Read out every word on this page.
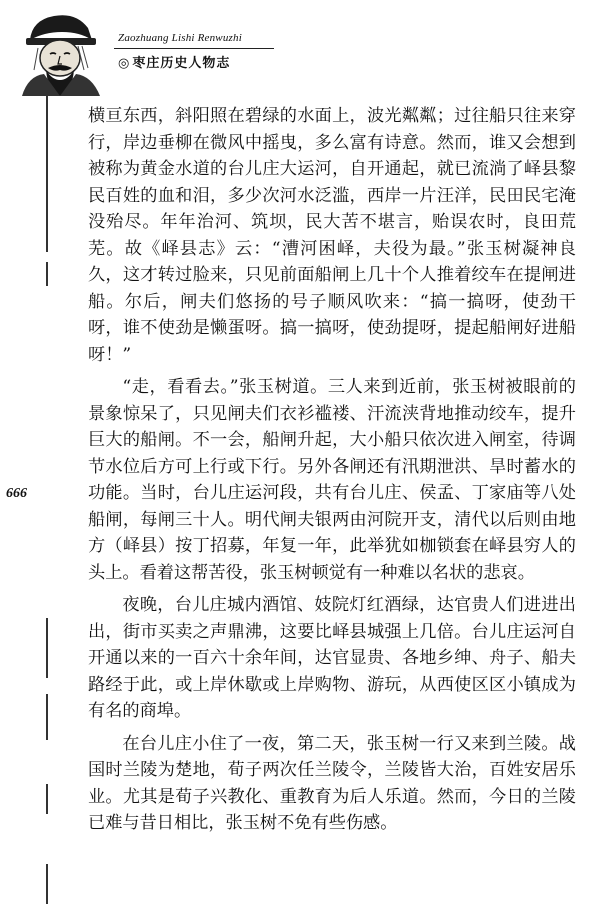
Zaozhuang Lishi Renwuzhi
◎ 枣庄历史人物志
666

横亘东西，斜阳照在碧绿的水面上，波光粼粼；过往船只往来穿行，岸边垂柳在微风中摇曳，多么富有诗意。然而，谁又会想到被称为黄金水道的台儿庄大运河，自开通起，就已流淌了峄县黎民百姓的血和泪，多少次河水泛滥，西岸一片汪洋，民田民宅淹没殆尽。年年治河、筑坝，民大苦不堪言，贻误农时，良田荒芜。故《峄县志》云：“漕河困峄，夫役为最。”张玉树凝神良久，这才转过脸来，只见前面船闸上几十个人推着绞车在提闸进船。尔后，闸夫们悠扬的号子顺风吹来：“搞一搞呀，使劲干呀，谁不使劲是懒蛋呀。搞一搞呀，使劲提呀，提起船闸好进船呀！”

“走，看看去。”张玉树道。三人来到近前，张玉树被眼前的景象惊呆了，只见闸夫们衣衫褴褛、汗流浃背地推动绞车，提升巨大的船闸。不一会，船闸升起，大小船只依次进入闸室，待调节水位后方可上行或下行。另外各闸还有汛期泄洪、旱时蓄水的功能。当时，台儿庄运河段，共有台儿庄、侯孟、丁家庙等八处船闸，每闸三十人。明代闸夫银两由河院开支，清代以后则由地方（峄县）按丁招募，年复一年，此举犹如枷锁套在峄县穷人的头上。看着这帮苦役，张玉树顿觉有一种难以名状的悲哀。

夜晚，台儿庄城内酒馆、妓院灯红酒绿，达官贵人们进进出出，街市买卖之声鼎沸，这要比峄县城强上几倍。台儿庄运河自开通以来的一百六十余年间，达官显贵、各地乡绅、舟子、船夫路经于此，或上岸休歇或上岸购物、游玩，从西使区区小镇成为有名的商埠。

在台儿庄小住了一夜，第二天，张玉树一行又来到兰陵。战国时兰陵为楚地，荀子两次任兰陵令，兰陵皆大治，百姓安居乐业。尤其是荀子兴教化、重教育为后人乐道。然而，今日的兰陵已难与昔日相比，张玉树不免有些伤感。
